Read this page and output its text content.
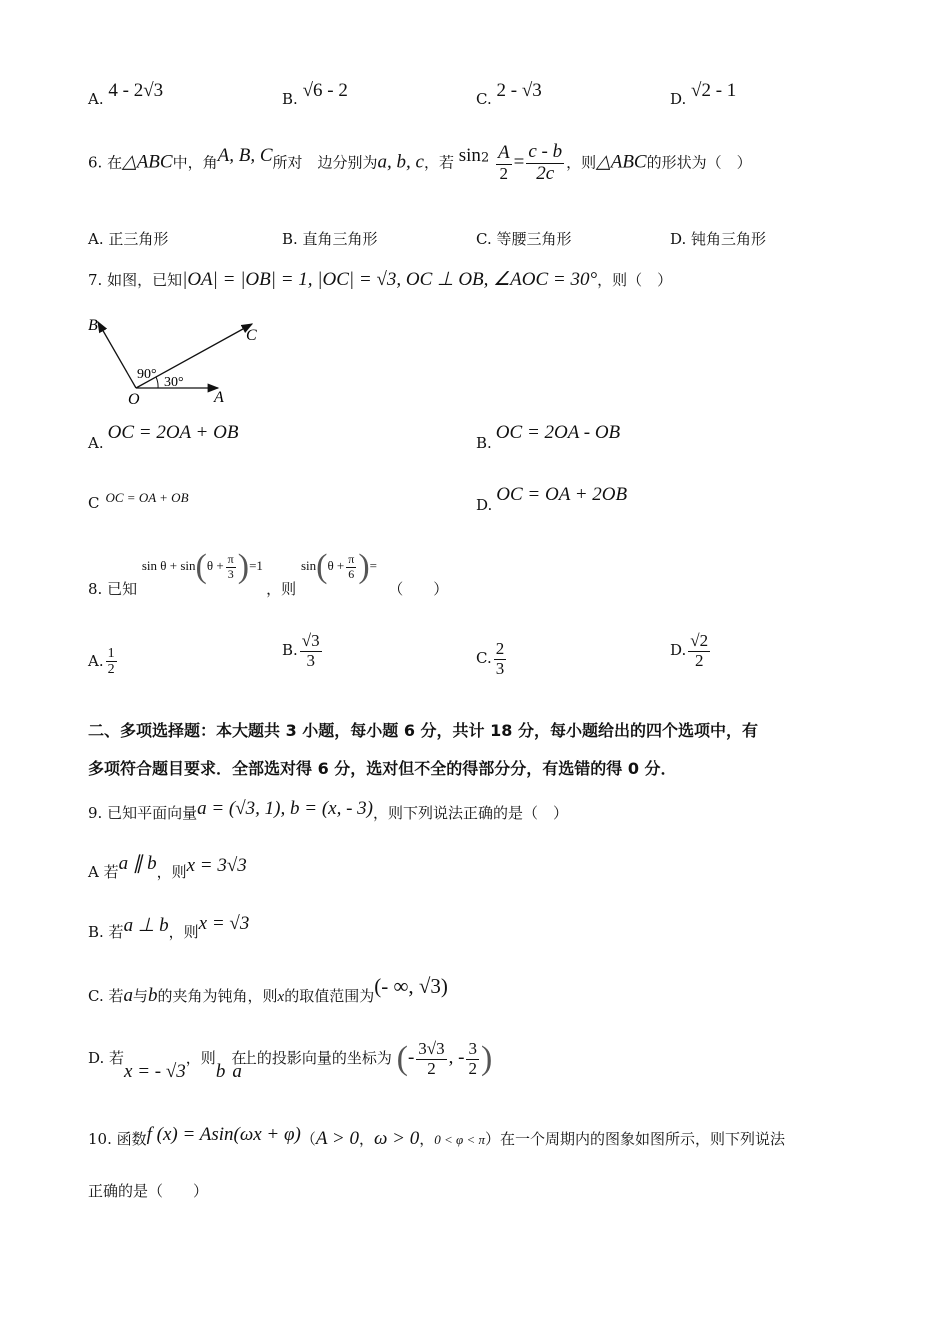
A. 4 - 2√3	B. √6 - 2	C. 2 - √3	D. √2 - 1
6. 在△ABC中，角A, B, C所对　边分别为a, b, c，若 $\sin^2 \frac{A}{2} = \frac{c - b}{2c}$ ，则△ABC的形状为（　）
A. 正三角形	B. 直角三角形	C. 等腰三角形	D. 钝角三角形
7. 如图，已知|OA| = |OB| = 1, |OC| = √3, OC ⊥ OB, ∠AOC = 30°，则（　）
B
C
O	A
90°
30°
A. OC = 2OA + OB	B. OC = 2OA - OB
C OC = OA + OB	D. OC = OA + 2OB
8. 已知 $\sin \theta + \sin(\theta + \frac{\pi}{3} )=1$ ，则 $\sin(\theta + \frac{\pi}{6}$ )= （　　）
A. $\frac{1}{2}$	B. $\frac{√3}{3}$	C. $\frac{2}{3}$	D. $\frac{√2}{2}$
二、多项选择题：本大题共 3 小题，每小题 6 分，共计 18 分，每小题给出的四个选项中，有
多项符合题目要求．全部选对得 6 分，选对但不全的得部分分，有选错的得 0 分．
9. 已知平面向量a = (√3, 1), b = (x, - 3)，则下列说法正确的是（　）
A 若a ∥ b，则x = 3√3
B. 若a ⊥ b，则x = √3
C. 若a与b的夹角为钝角，则x的取值范围为(- ∞, √3)
D. 若x = - √3，则b在a上的投影向量的坐标为 (- $\frac{3√3}{2}$ , - $\frac{3}{2}$ )
10. 函数f (x) = Asin(ωx + φ)（A > 0，ω > 0，0 < φ < π）在一个周期内的图象如图所示，则下列说法
正确的是（　　）
